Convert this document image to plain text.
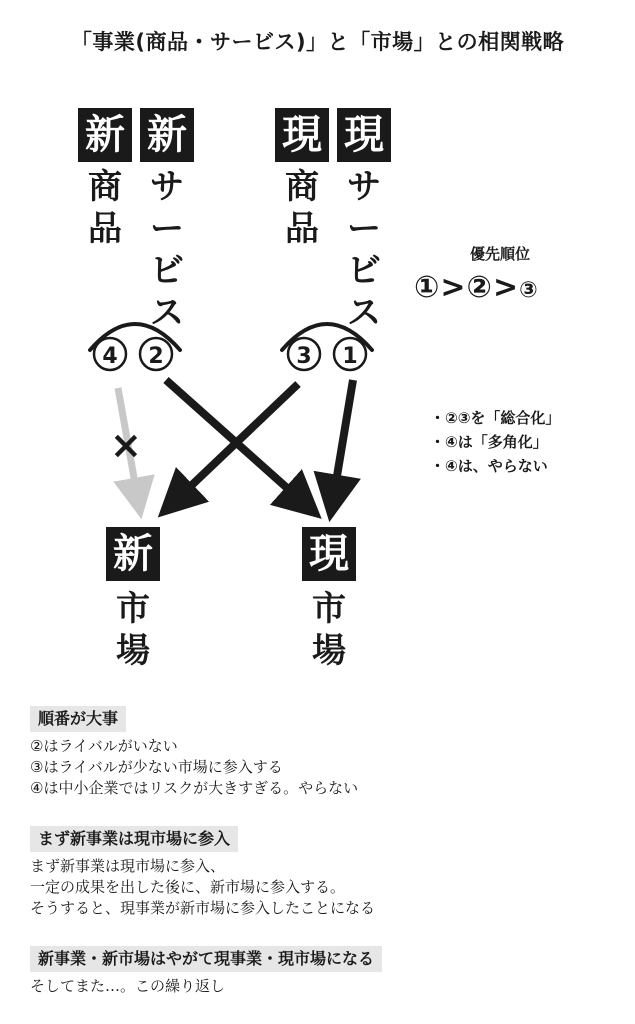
「事業(商品・サービス)」と「市場」との相関戦略
新 新 現 現
商
品
サ
ー
ビ
ス
商
品
サ
ー
ビ
ス
4 2	3 1
×
新	現
市
場
市
場
優先順位
①>②>③
・②③を「総合化」
・④は「多角化」
・④は、やらない
順番が大事
②はライバルがいない
③はライバルが少ない市場に参入する
④は中小企業ではリスクが大きすぎる。やらない
まず新事業は現市場に参入
まず新事業は現市場に参入、
一定の成果を出した後に、新市場に参入する。
そうすると、現事業が新市場に参入したことになる
新事業・新市場はやがて現事業・現市場になる
そしてまた…。この繰り返し
